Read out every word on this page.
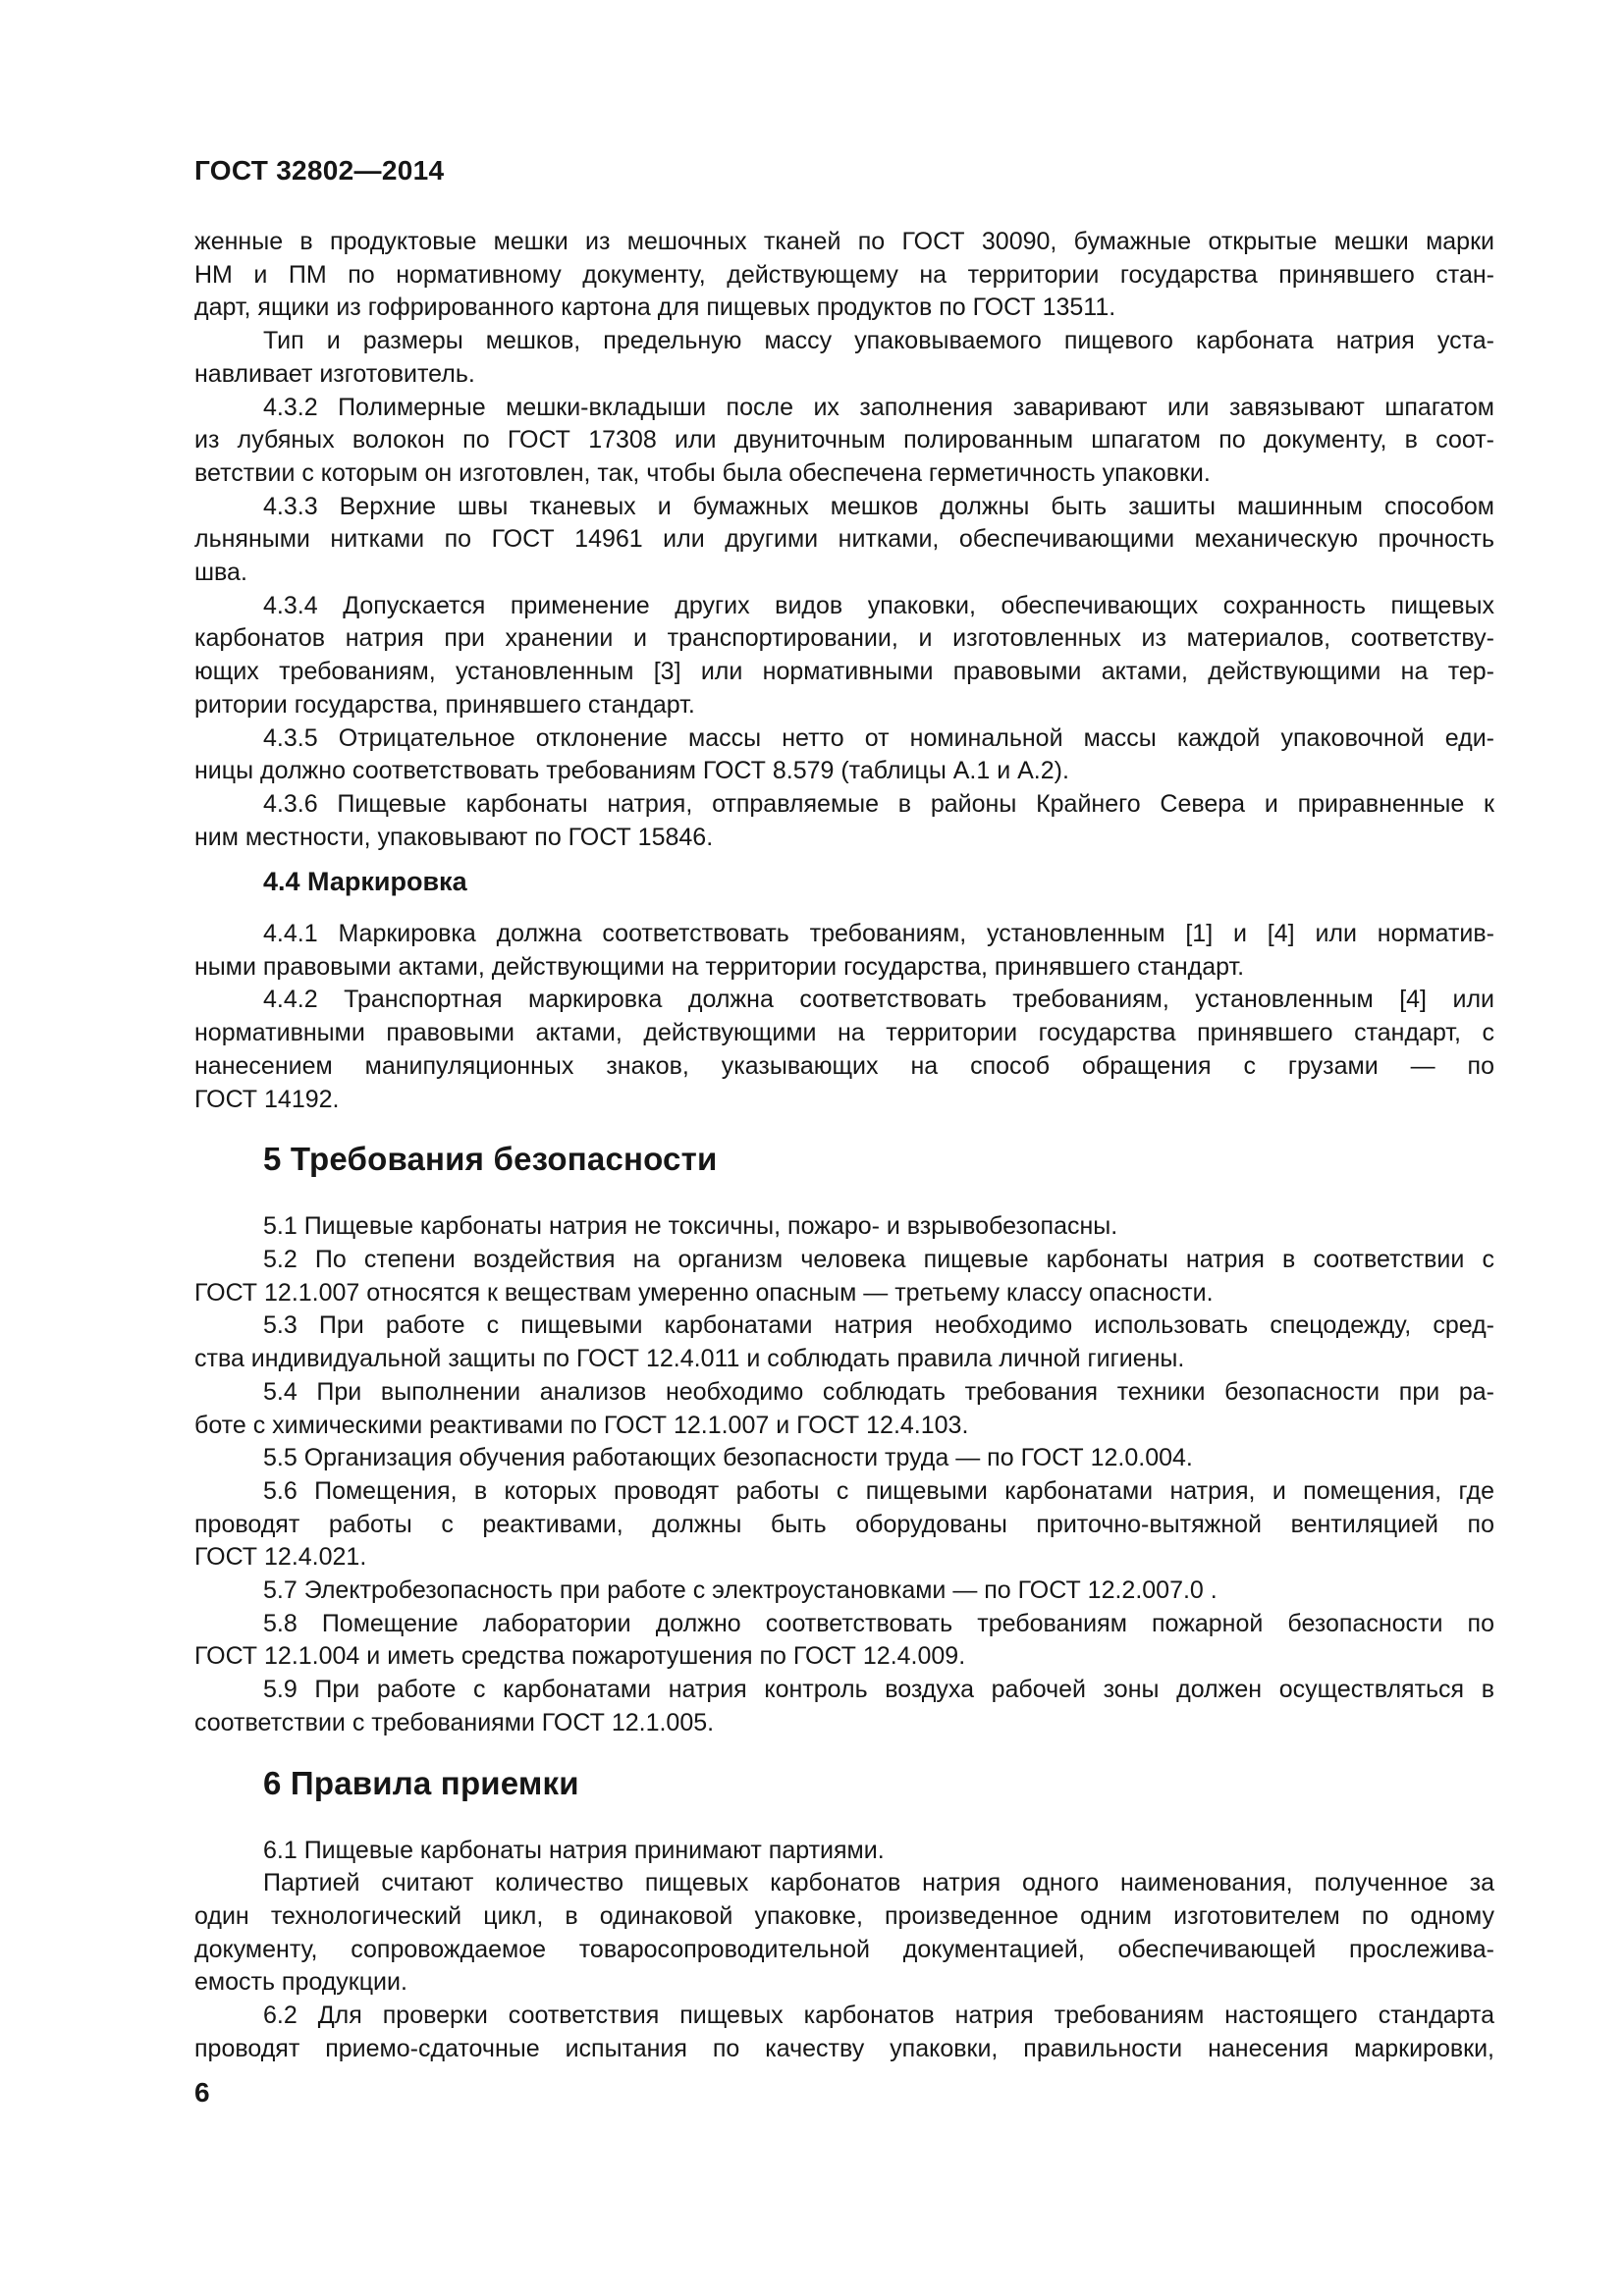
ГОСТ 32802—2014
женные в продуктовые мешки из мешочных тканей по ГОСТ 30090, бумажные открытые мешки марки
НМ и ПМ по нормативному документу, действующему на территории государства принявшего стан-
дарт, ящики из гофрированного картона для пищевых продуктов по ГОСТ 13511.
Тип и размеры мешков, предельную массу упаковываемого пищевого карбоната натрия уста-
навливает изготовитель.
4.3.2 Полимерные мешки-вкладыши после их заполнения заваривают или завязывают шпагатом
из лубяных волокон по ГОСТ 17308 или двуниточным полированным шпагатом по документу, в соот-
ветствии с которым он изготовлен, так, чтобы была обеспечена герметичность упаковки.
4.3.3 Верхние швы тканевых и бумажных мешков должны быть зашиты машинным способом
льняными нитками по ГОСТ 14961 или другими нитками, обеспечивающими механическую прочность
шва.
4.3.4 Допускается применение других видов упаковки, обеспечивающих сохранность пищевых
карбонатов натрия при хранении и транспортировании, и изготовленных из материалов, соответству-
ющих требованиям, установленным [3] или нормативными правовыми актами, действующими на тер-
ритории государства, принявшего стандарт.
4.3.5 Отрицательное отклонение массы нетто от номинальной массы каждой упаковочной еди-
ницы должно соответствовать требованиям ГОСТ 8.579 (таблицы А.1 и А.2).
4.3.6 Пищевые карбонаты натрия, отправляемые в районы Крайнего Севера и приравненные к
ним местности, упаковывают по ГОСТ 15846.
4.4 Маркировка
4.4.1 Маркировка должна соответствовать требованиям, установленным [1] и [4] или норматив-
ными правовыми актами, действующими на территории государства, принявшего стандарт.
4.4.2 Транспортная маркировка должна соответствовать требованиям, установленным [4] или
нормативными правовыми актами, действующими на территории государства принявшего стандарт, с
нанесением манипуляционных знаков, указывающих на способ обращения с грузами — по
ГОСТ 14192.
5 Требования безопасности
5.1 Пищевые карбонаты натрия не токсичны, пожаро- и взрывобезопасны.
5.2 По степени воздействия на организм человека пищевые карбонаты натрия в соответствии с
ГОСТ 12.1.007 относятся к веществам умеренно опасным — третьему классу опасности.
5.3 При работе с пищевыми карбонатами натрия необходимо использовать спецодежду, сред-
ства индивидуальной защиты по ГОСТ 12.4.011 и соблюдать правила личной гигиены.
5.4 При выполнении анализов необходимо соблюдать требования техники безопасности при ра-
боте с химическими реактивами по ГОСТ 12.1.007 и ГОСТ 12.4.103.
5.5 Организация обучения работающих безопасности труда — по ГОСТ 12.0.004.
5.6 Помещения, в которых проводят работы с пищевыми карбонатами натрия, и помещения, где
проводят работы с реактивами, должны быть оборудованы приточно-вытяжной вентиляцией по
ГОСТ 12.4.021.
5.7 Электробезопасность при работе с электроустановками — по ГОСТ 12.2.007.0 .
5.8 Помещение лаборатории должно соответствовать требованиям пожарной безопасности по
ГОСТ 12.1.004 и иметь средства пожаротушения по ГОСТ 12.4.009.
5.9 При работе с карбонатами натрия контроль воздуха рабочей зоны должен осуществляться в
соответствии с требованиями ГОСТ 12.1.005.
6 Правила приемки
6.1 Пищевые карбонаты натрия принимают партиями.
Партией считают количество пищевых карбонатов натрия одного наименования, полученное за
один технологический цикл, в одинаковой упаковке, произведенное одним изготовителем по одному
документу, сопровождаемое товаросопроводительной документацией, обеспечивающей прослежива-
емость продукции.
6.2 Для проверки соответствия пищевых карбонатов натрия требованиям настоящего стандарта
проводят приемо-сдаточные испытания по качеству упаковки, правильности нанесения маркировки,
6
